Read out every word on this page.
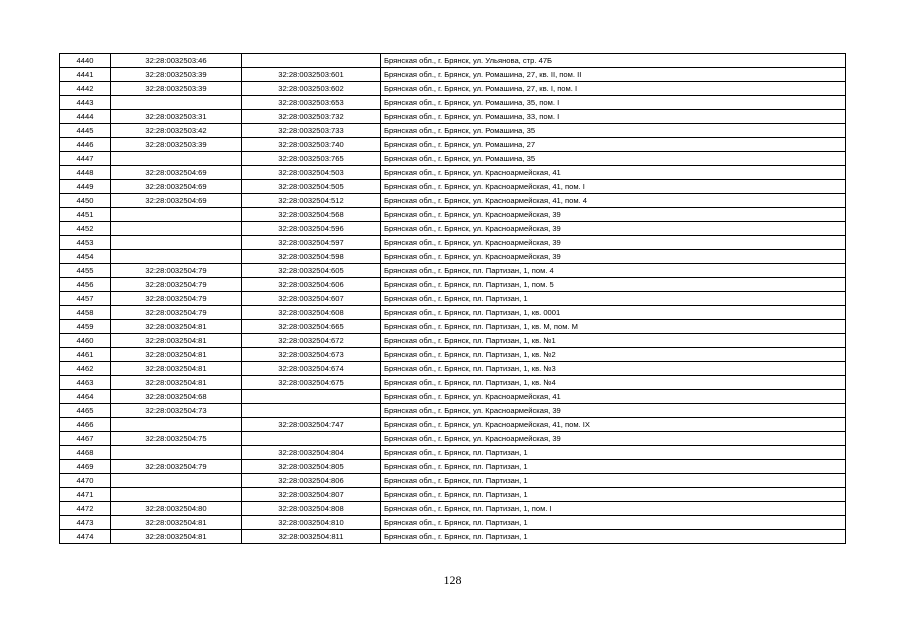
4440	32:28:0032503:46		Брянская обл., г. Брянск, ул. Ульянова, стр. 47Б
4441	32:28:0032503:39	32:28:0032503:601	Брянская обл., г. Брянск, ул. Ромашина, 27, кв. II, пом. II
4442	32:28:0032503:39	32:28:0032503:602	Брянская обл., г. Брянск, ул. Ромашина, 27, кв. I, пом. I
4443		32:28:0032503:653	Брянская обл., г. Брянск, ул. Ромашина, 35, пом. I
4444	32:28:0032503:31	32:28:0032503:732	Брянская обл., г. Брянск, ул. Ромашина, 33, пом. I
4445	32:28:0032503:42	32:28:0032503:733	Брянская обл., г. Брянск, ул. Ромашина, 35
4446	32:28:0032503:39	32:28:0032503:740	Брянская обл., г. Брянск, ул. Ромашина, 27
4447		32:28:0032503:765	Брянская обл., г. Брянск, ул. Ромашина, 35
4448	32:28:0032504:69	32:28:0032504:503	Брянская обл., г. Брянск, ул. Красноармейская, 41
4449	32:28:0032504:69	32:28:0032504:505	Брянская обл., г. Брянск, ул. Красноармейская, 41, пом. I
4450	32:28:0032504:69	32:28:0032504:512	Брянская обл., г. Брянск, ул. Красноармейская, 41, пом. 4
4451		32:28:0032504:568	Брянская обл., г. Брянск, ул. Красноармейская, 39
4452		32:28:0032504:596	Брянская обл., г. Брянск, ул. Красноармейская, 39
4453		32:28:0032504:597	Брянская обл., г. Брянск, ул. Красноармейская, 39
4454		32:28:0032504:598	Брянская обл., г. Брянск, ул. Красноармейская, 39
4455	32:28:0032504:79	32:28:0032504:605	Брянская обл., г. Брянск, пл. Партизан, 1, пом. 4
4456	32:28:0032504:79	32:28:0032504:606	Брянская обл., г. Брянск, пл. Партизан, 1, пом. 5
4457	32:28:0032504:79	32:28:0032504:607	Брянская обл., г. Брянск, пл. Партизан, 1
4458	32:28:0032504:79	32:28:0032504:608	Брянская обл., г. Брянск, пл. Партизан, 1, кв. 0001
4459	32:28:0032504:81	32:28:0032504:665	Брянская обл., г. Брянск, пл. Партизан, 1, кв. М, пом. М
4460	32:28:0032504:81	32:28:0032504:672	Брянская обл., г. Брянск, пл. Партизан, 1, кв. №1
4461	32:28:0032504:81	32:28:0032504:673	Брянская обл., г. Брянск, пл. Партизан, 1, кв. №2
4462	32:28:0032504:81	32:28:0032504:674	Брянская обл., г. Брянск, пл. Партизан, 1, кв. №3
4463	32:28:0032504:81	32:28:0032504:675	Брянская обл., г. Брянск, пл. Партизан, 1, кв. №4
4464	32:28:0032504:68		Брянская обл., г. Брянск, ул. Красноармейская, 41
4465	32:28:0032504:73		Брянская обл., г. Брянск, ул. Красноармейская, 39
4466		32:28:0032504:747	Брянская обл., г. Брянск, ул. Красноармейская, 41, пом. IX
4467	32:28:0032504:75		Брянская обл., г. Брянск, ул. Красноармейская, 39
4468		32:28:0032504:804	Брянская обл., г. Брянск, пл. Партизан, 1
4469	32:28:0032504:79	32:28:0032504:805	Брянская обл., г. Брянск, пл. Партизан, 1
4470		32:28:0032504:806	Брянская обл., г. Брянск, пл. Партизан, 1
4471		32:28:0032504:807	Брянская обл., г. Брянск, пл. Партизан, 1
4472	32:28:0032504:80	32:28:0032504:808	Брянская обл., г. Брянск, пл. Партизан, 1, пом. I
4473	32:28:0032504:81	32:28:0032504:810	Брянская обл., г. Брянск, пл. Партизан, 1
4474	32:28:0032504:81	32:28:0032504:811	Брянская обл., г. Брянск, пл. Партизан, 1
128
